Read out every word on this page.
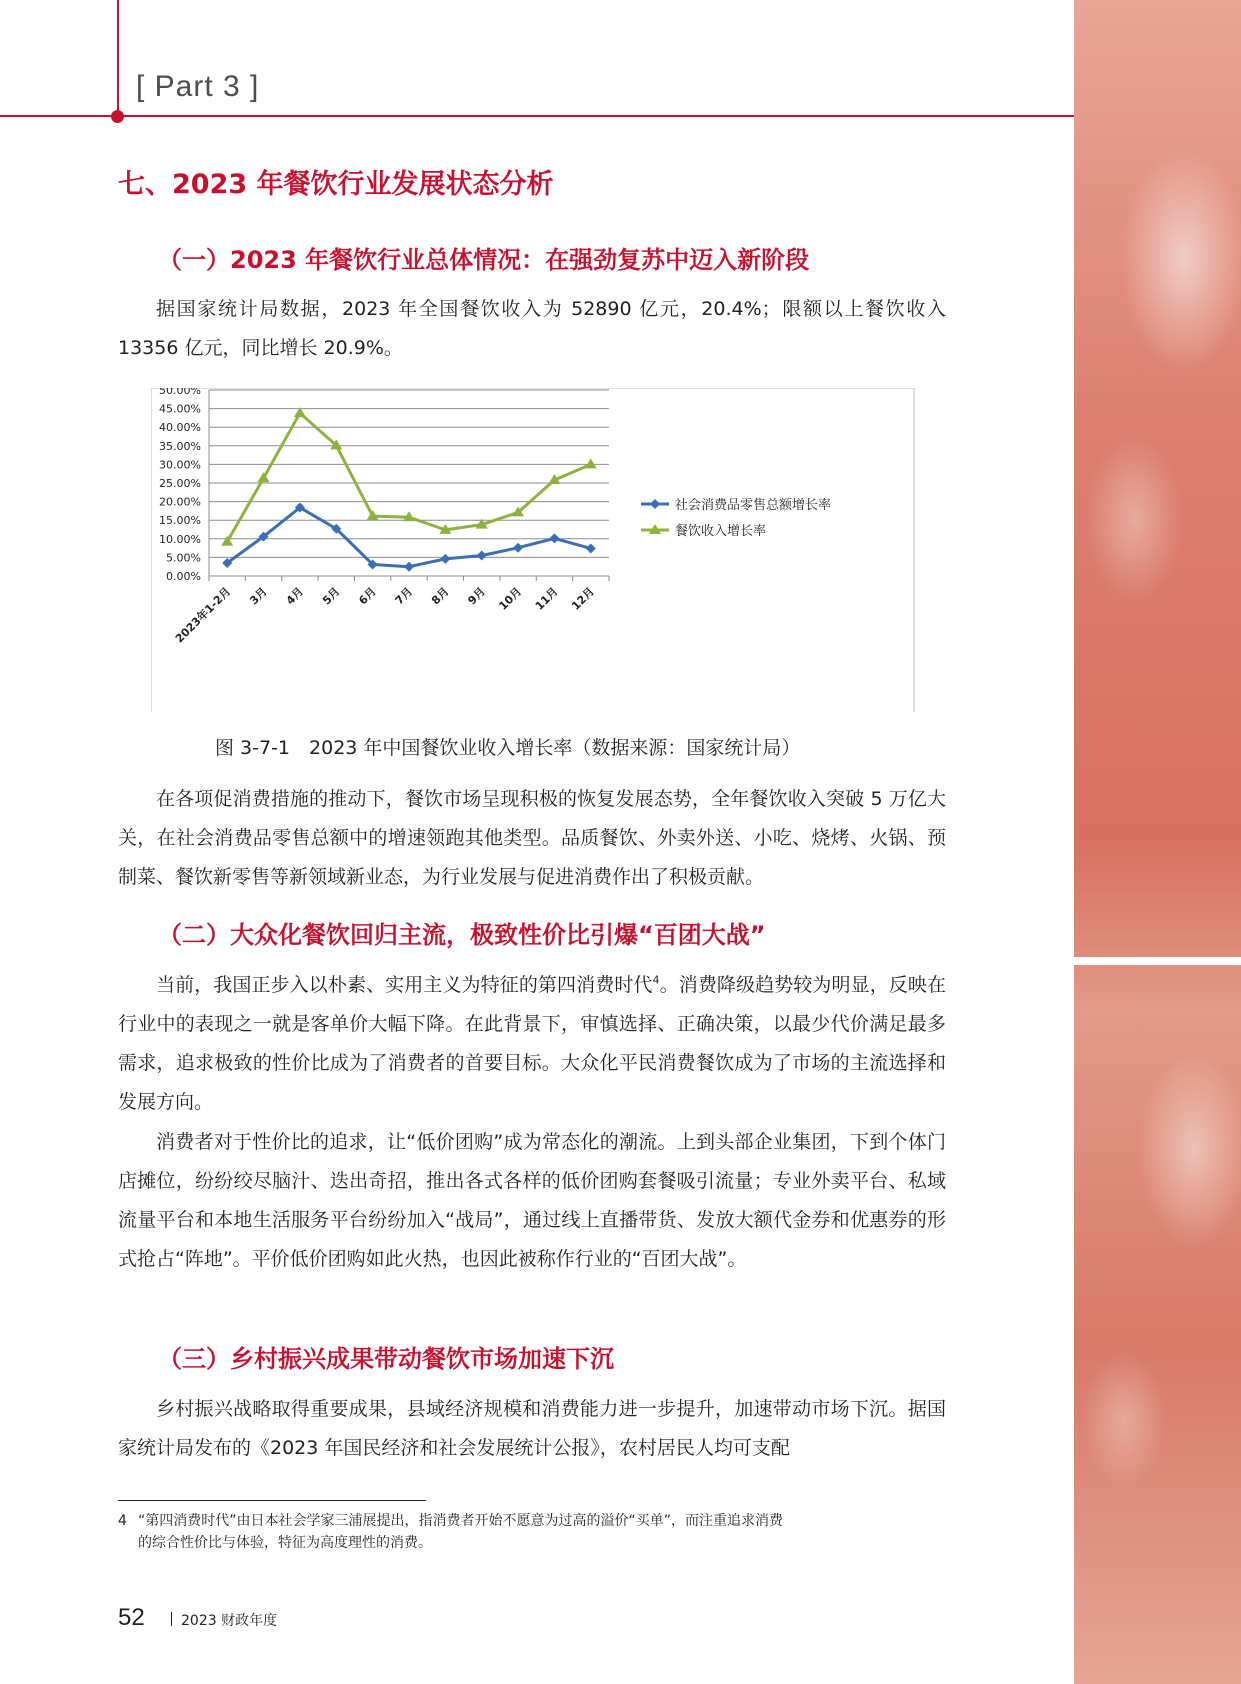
[ Part 3 ]
七、2023 年餐饮行业发展状态分析
（一）2023 年餐饮行业总体情况：在强劲复苏中迈入新阶段

据国家统计局数据，2023 年全国餐饮收入为 52890 亿元，20.4%；限额以上餐饮收入 13356 亿元，同比增长 20.9%。

50.00%
45.00%
40.00%
35.00%
30.00%
25.00%
20.00%
15.00%
10.00%
5.00%
0.00%
2023年1-2月 3月 4月 5月 6月 7月 8月 9月 10月 11月 12月
社会消费品零售总额增长率
餐饮收入增长率
图 3-7-1　2023 年中国餐饮业收入增长率（数据来源：国家统计局）

在各项促消费措施的推动下，餐饮市场呈现积极的恢复发展态势，全年餐饮收入突破 5 万亿大关，在社会消费品零售总额中的增速领跑其他类型。品质餐饮、外卖外送、小吃、烧烤、火锅、预制菜、餐饮新零售等新领域新业态，为行业发展与促进消费作出了积极贡献。

（二）大众化餐饮回归主流，极致性价比引爆“百团大战”

当前，我国正步入以朴素、实用主义为特征的第四消费时代$^4$。消费降级趋势较为明显，反映在行业中的表现之一就是客单价大幅下降。在此背景下，审慎选择、正确决策，以最少代价满足最多需求，追求极致的性价比成为了消费者的首要目标。大众化平民消费餐饮成为了市场的主流选择和发展方向。

消费者对于性价比的追求，让“低价团购”成为常态化的潮流。上到头部企业集团，下到个体门店摊位，纷纷绞尽脑汁、迭出奇招，推出各式各样的低价团购套餐吸引流量；专业外卖平台、私域流量平台和本地生活服务平台纷纷加入“战局”，通过线上直播带货、发放大额代金券和优惠券的形式抢占“阵地”。平价低价团购如此火热，也因此被称作行业的“百团大战”。

（三）乡村振兴成果带动餐饮市场加速下沉

乡村振兴战略取得重要成果，县域经济规模和消费能力进一步提升，加速带动市场下沉。据国家统计局发布的《2023 年国民经济和社会发展统计公报》，农村居民人均可支配

4 “第四消费时代”由日本社会学家三浦展提出，指消费者开始不愿意为过高的溢价“买单”，而注重追求消费
的综合性价比与体验，特征为高度理性的消费。
52	2023 财政年度
